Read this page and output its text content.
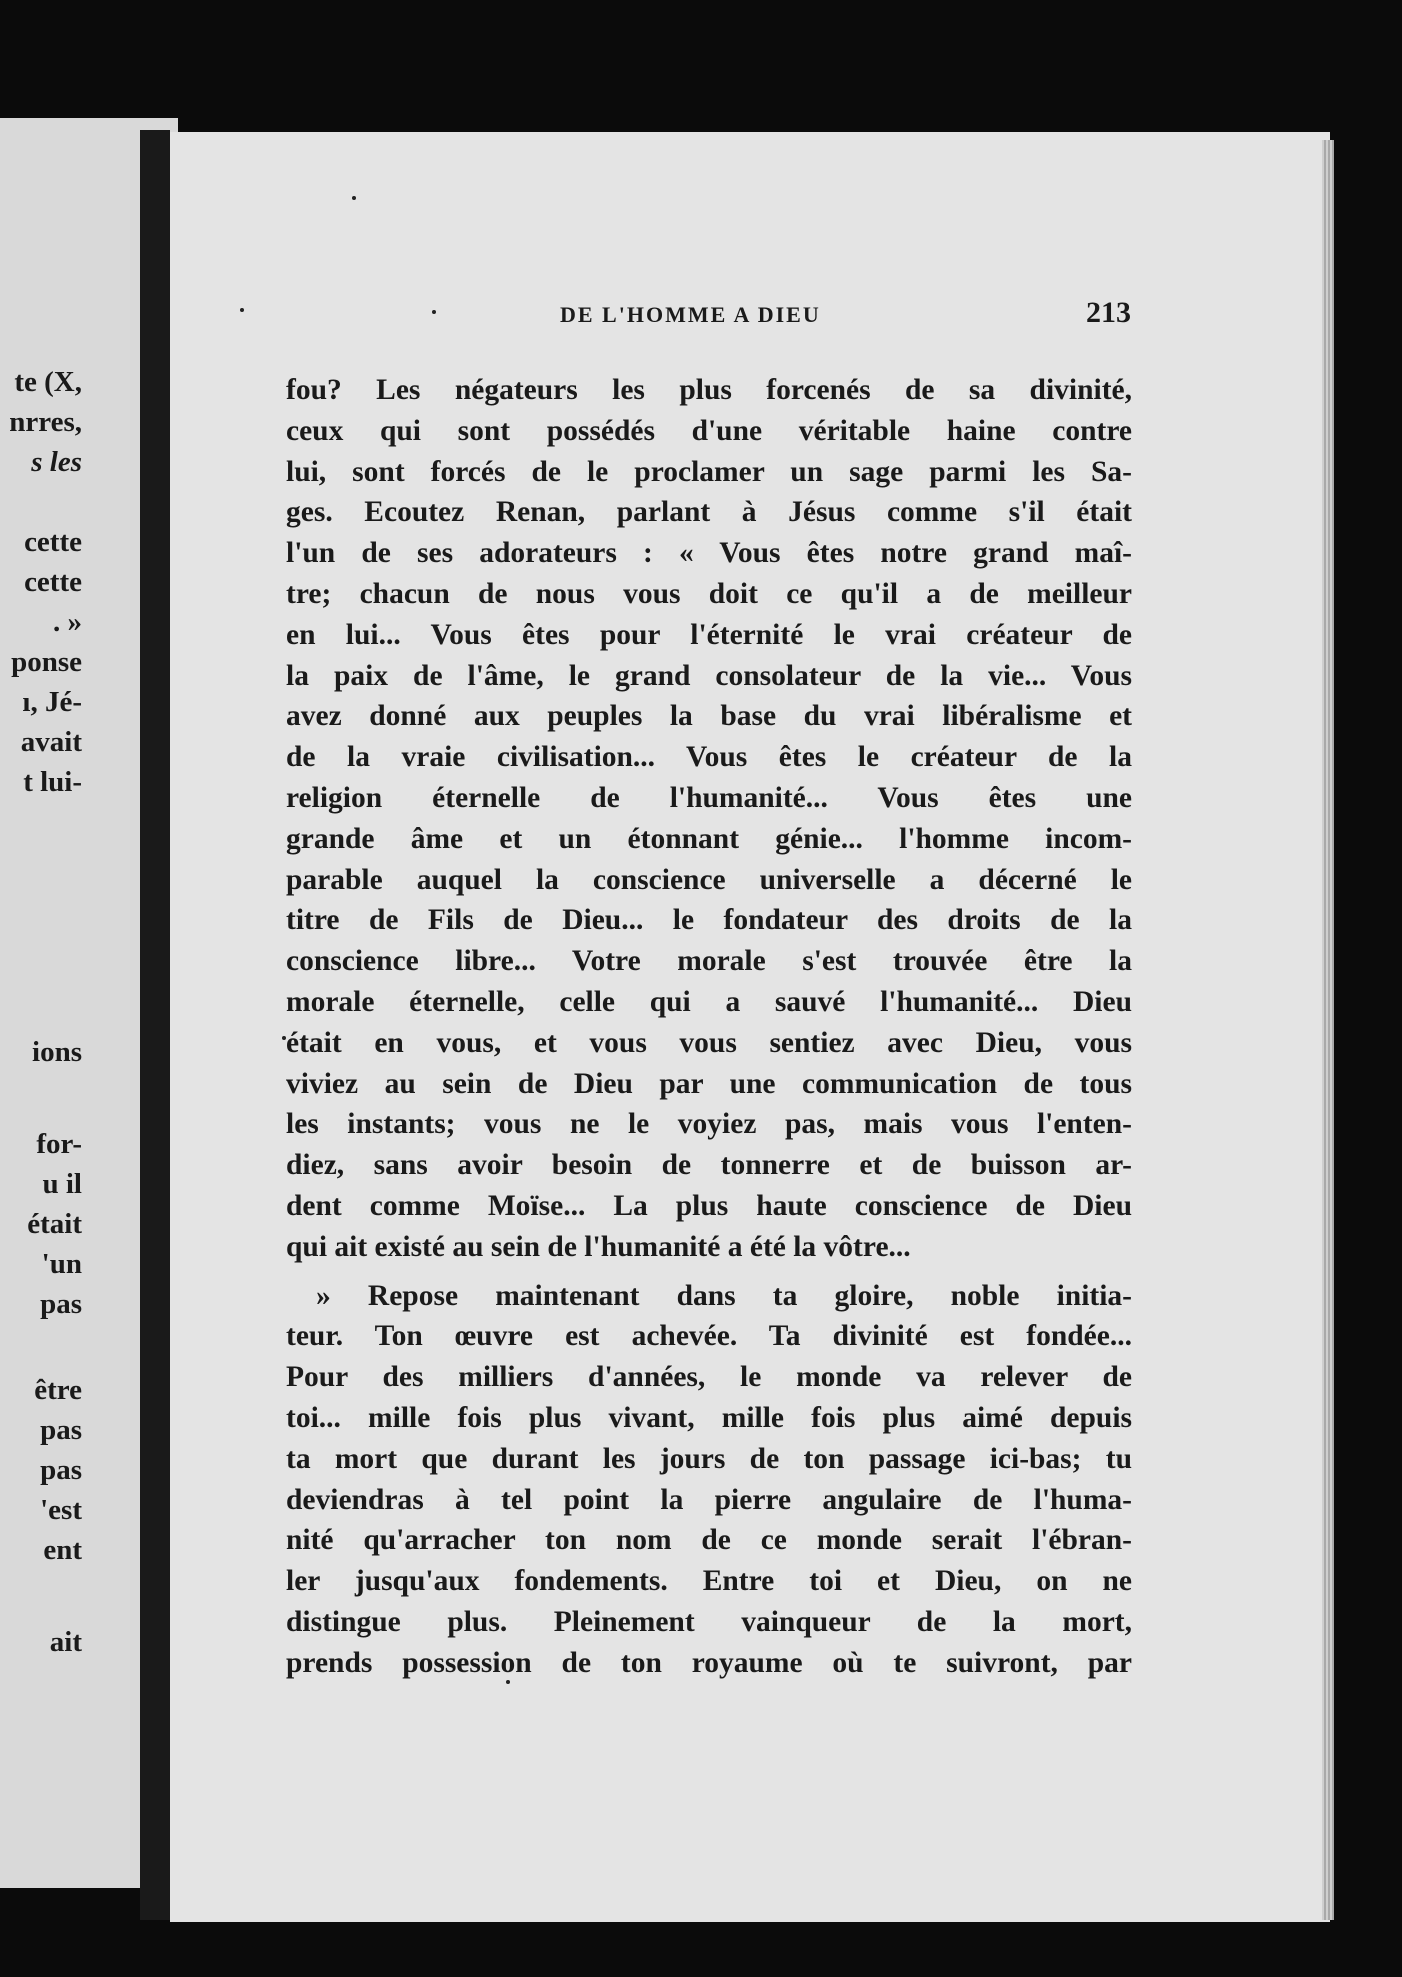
te (X,
nrres,
s les
cette
cette
. »
ponse
ı, Jé-
avait
t lui-
ions
for-
u il
était
'un
pas
être
pas
pas
'est
ent
ait
DE L'HOMME A DIEU	213
fou? Les négateurs les plus forcenés de sa divinité,
ceux qui sont possédés d'une véritable haine contre
lui, sont forcés de le proclamer un sage parmi les Sa-
ges. Ecoutez Renan, parlant à Jésus comme s'il était
l'un de ses adorateurs : « Vous êtes notre grand maî-
tre; chacun de nous vous doit ce qu'il a de meilleur
en lui... Vous êtes pour l'éternité le vrai créateur de
la paix de l'âme, le grand consolateur de la vie... Vous
avez donné aux peuples la base du vrai libéralisme et
de la vraie civilisation... Vous êtes le créateur de la
religion éternelle de l'humanité... Vous êtes une
grande âme et un étonnant génie... l'homme incom-
parable auquel la conscience universelle a décerné le
titre de Fils de Dieu... le fondateur des droits de la
conscience libre... Votre morale s'est trouvée être la
morale éternelle, celle qui a sauvé l'humanité... Dieu
était en vous, et vous vous sentiez avec Dieu, vous
viviez au sein de Dieu par une communication de tous
les instants; vous ne le voyiez pas, mais vous l'enten-
diez, sans avoir besoin de tonnerre et de buisson ar-
dent comme Moïse... La plus haute conscience de Dieu
qui ait existé au sein de l'humanité a été la vôtre...
» Repose maintenant dans ta gloire, noble initia-
teur. Ton œuvre est achevée. Ta divinité est fondée...
Pour des milliers d'années, le monde va relever de
toi... mille fois plus vivant, mille fois plus aimé depuis
ta mort que durant les jours de ton passage ici-bas; tu
deviendras à tel point la pierre angulaire de l'huma-
nité qu'arracher ton nom de ce monde serait l'ébran-
ler jusqu'aux fondements. Entre toi et Dieu, on ne
distingue plus. Pleinement vainqueur de la mort,
prends possession de ton royaume où te suivront, par
